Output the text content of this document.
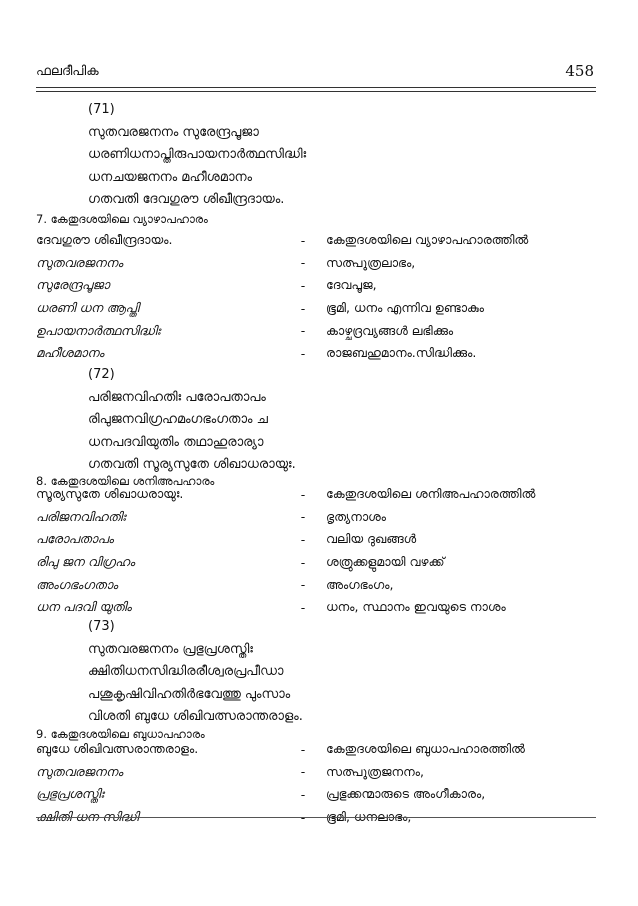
ഫലദീപിക	458
(71)
സുതവരജനനം സുരേന്ദ്രപൂജാ
ധരണിധനാപ്തിരുപായനാർത്ഥസിദ്ധിഃ
ധനചയജനനം മഹീശമാനം
ഗതവതി ദേവഗുരൗ ശിഖീന്ദ്രദായം.
7. കേതുദശയിലെ വ്യാഴാപഹാരം
ദേവഗുരൗ ശിഖീന്ദ്രദായം.	-	കേതുദശയിലെ വ്യാഴാപഹാരത്തിൽ
സുതവരജനനം	-	സത്പുത്രലാഭം,
സുരേന്ദ്രപൂജാ	-	ദേവപൂജ,
ധരണി ധന ആപ്തി	-	ഭൂമി, ധനം എന്നിവ ഉണ്ടാകും
ഉപായനാർത്ഥസിദ്ധിഃ	-	കാഴ്ചദ്രവ്യങ്ങൾ ലഭിക്കും
മഹീശമാനം	-	രാജബഹുമാനം.സിദ്ധിക്കും.
(72)
പരിജനവിഹതിഃ പരോപതാപം
രിപുജനവിഗ്രഹമംഗഭംഗതാം ച
ധനപദവിയുതിം തഥാഹുരാര്യാ
ഗതവതി സൂര്യസുതേ ശിഖാധരായുഃ.
8. കേതുദശയിലെ ശനിഅപഹാരം
സൂര്യസുതേ ശിഖാധരായുഃ.	-	കേതുദശയിലെ ശനിഅപഹാരത്തിൽ
പരിജനവിഹതിഃ	-	ഭൃത്യനാശം
പരോപതാപം	-	വലിയ ദുഖങ്ങൾ
രിപു ജന വിഗ്രഹം	-	ശത്രുക്കളുമായി വഴക്ക്
അംഗഭംഗതാം	-	അംഗഭംഗം,
ധന പദവി യുതിം	-	ധനം, സ്ഥാനം ഇവയുടെ നാശം
(73)
സുതവരജനനം പ്രഭുപ്രശസ്തിഃ
ക്ഷിതിധനസിദ്ധിരരീശ്വരപ്രപീഡാ
പശുകൃഷിവിഹതിർഭവേത്തു പുംസാം
വിശതി ബുധേ ശിഖിവത്സരാന്തരാളം.
9. കേതുദശയിലെ ബുധാപഹാരം
ബുധേ ശിഖിവത്സരാന്തരാളം.	-	കേതുദശയിലെ ബുധാപഹാരത്തിൽ
സുതവരജനനം	-	സത്പുത്രജനനം,
പ്രഭുപ്രശസ്തിഃ	-	പ്രഭുക്കന്മാരുടെ അംഗീകാരം,
ക്ഷിതി ധന സിദ്ധി	-	ഭൂമി, ധനലാഭം,
